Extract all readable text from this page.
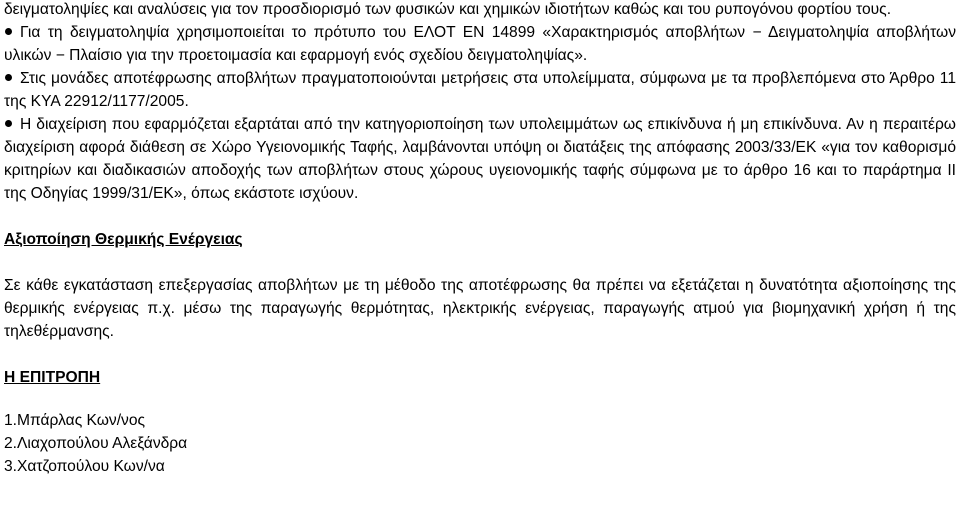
δειγματοληψίες και αναλύσεις για τον προσδιορισμό των φυσικών και χημικών ιδιοτήτων καθώς και του ρυπογόνου φορτίου τους.

Για τη δειγματοληψία χρησιμοποιείται το πρότυπο του ΕΛΟΤ ΕΝ 14899 «Χαρακτηρισμός αποβλήτων − Δειγματοληψία αποβλήτων υλικών − Πλαίσιο για την προετοιμασία και εφαρμογή ενός σχεδίου δειγματοληψίας».

Στις μονάδες αποτέφρωσης αποβλήτων πραγματοποιούνται μετρήσεις στα υπολείμματα, σύμφωνα με τα προβλεπόμενα στο Άρθρο 11 της ΚΥΑ 22912/1177/2005.

Η διαχείριση που εφαρμόζεται εξαρτάται από την κατηγοριοποίηση των υπολειμμάτων ως επικίνδυνα ή μη επικίνδυνα. Αν η περαιτέρω διαχείριση αφορά διάθεση σε Χώρο Υγειονομικής Ταφής, λαμβάνονται υπόψη οι διατάξεις της απόφασης 2003/33/ΕΚ «για τον καθορισμό κριτηρίων και διαδικασιών αποδοχής των αποβλήτων στους χώρους υγειονομικής ταφής σύμφωνα με το άρθρο 16 και το παράρτημα II της Οδηγίας 1999/31/ΕΚ», όπως εκάστοτε ισχύουν.

Αξιοποίηση Θερμικής Ενέργειας

Σε κάθε εγκατάσταση επεξεργασίας αποβλήτων με τη μέθοδο της αποτέφρωσης θα πρέπει να εξετάζεται η δυνατότητα αξιοποίησης της θερμικής ενέργειας π.χ. μέσω της παραγωγής θερμότητας, ηλεκτρικής ενέργειας, παραγωγής ατμού για βιομηχανική χρήση ή της τηλεθέρμανσης.

Η ΕΠΙΤΡΟΠΗ

1.Μπάρλας Κων/νος

2.Λιαχοπούλου Αλεξάνδρα

3.Χατζοπούλου Κων/να
